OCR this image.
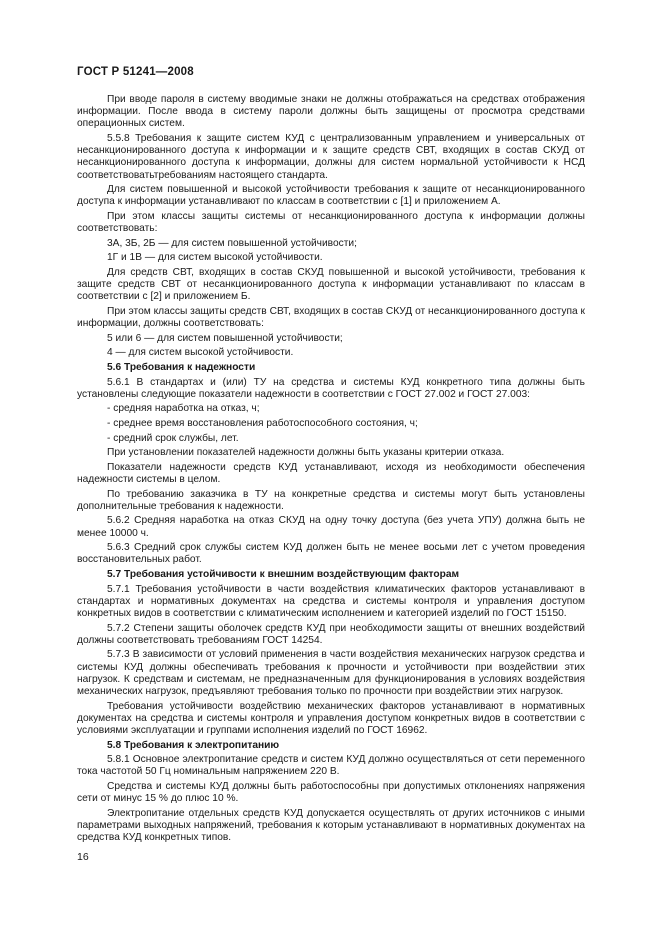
ГОСТ Р 51241—2008

При вводе пароля в систему вводимые знаки не должны отображаться на средствах отображения информации. После ввода в систему пароли должны быть защищены от просмотра средствами операционных систем.

5.5.8 Требования к защите систем КУД с централизованным управлением и универсальных от несанкционированного доступа к информации и к защите средств СВТ, входящих в состав СКУД от несанкционированного доступа к информации, должны для систем нормальной устойчивости к НСД соответствоватьтребованиям настоящего стандарта.

Для систем повышенной и высокой устойчивости требования к защите от несанкционированного доступа к информации устанавливают по классам в соответствии с [1] и приложением А.

При этом классы защиты системы от несанкционированного доступа к информации должны соответствовать:

3А, 3Б, 2Б — для систем повышенной устойчивости;

1Г и 1В — для систем высокой устойчивости.

Для средств СВТ, входящих в состав СКУД повышенной и высокой устойчивости, требования к защите средств СВТ от несанкционированного доступа к информации устанавливают по классам в соответствии с [2] и приложением Б.

При этом классы защиты средств СВТ, входящих в состав СКУД от несанкционированного доступа к информации, должны соответствовать:

5 или 6 — для систем повышенной устойчивости;

4 — для систем высокой устойчивости.

5.6 Требования к надежности

5.6.1 В стандартах и (или) ТУ на средства и системы КУД конкретного типа должны быть установлены следующие показатели надежности в соответствии с ГОСТ 27.002 и ГОСТ 27.003:

- средняя наработка на отказ, ч;

- среднее время восстановления работоспособного состояния, ч;

- средний срок службы, лет.

При установлении показателей надежности должны быть указаны критерии отказа.

Показатели надежности средств КУД устанавливают, исходя из необходимости обеспечения надежности системы в целом.

По требованию заказчика в ТУ на конкретные средства и системы могут быть установлены дополнительные требования к надежности.

5.6.2 Средняя наработка на отказ СКУД на одну точку доступа (без учета УПУ) должна быть не менее 10000 ч.

5.6.3 Средний срок службы систем КУД должен быть не менее восьми лет с учетом проведения восстановительных работ.

5.7 Требования устойчивости к внешним воздействующим факторам

5.7.1 Требования устойчивости в части воздействия климатических факторов устанавливают в стандартах и нормативных документах на средства и системы контроля и управления доступом конкретных видов в соответствии с климатическим исполнением и категорией изделий по ГОСТ 15150.

5.7.2 Степени защиты оболочек средств КУД при необходимости защиты от внешних воздействий должны соответствовать требованиям ГОСТ 14254.

5.7.3 В зависимости от условий применения в части воздействия механических нагрузок средства и системы КУД должны обеспечивать требования к прочности и устойчивости при воздействии этих нагрузок. К средствам и системам, не предназначенным для функционирования в условиях воздействия механических нагрузок, предъявляют требования только по прочности при воздействии этих нагрузок.

Требования устойчивости воздействию механических факторов устанавливают в нормативных документах на средства и системы контроля и управления доступом конкретных видов в соответствии с условиями эксплуатации и группами исполнения изделий по ГОСТ 16962.

5.8 Требования к электропитанию

5.8.1 Основное электропитание средств и систем КУД должно осуществляться от сети переменного тока частотой 50 Гц номинальным напряжением 220 В.

Средства и системы КУД должны быть работоспособны при допустимых отклонениях напряжения сети от минус 15 % до плюс 10 %.

Электропитание отдельных средств КУД допускается осуществлять от других источников с иными параметрами выходных напряжений, требования к которым устанавливают в нормативных документах на средства КУД конкретных типов.

16
